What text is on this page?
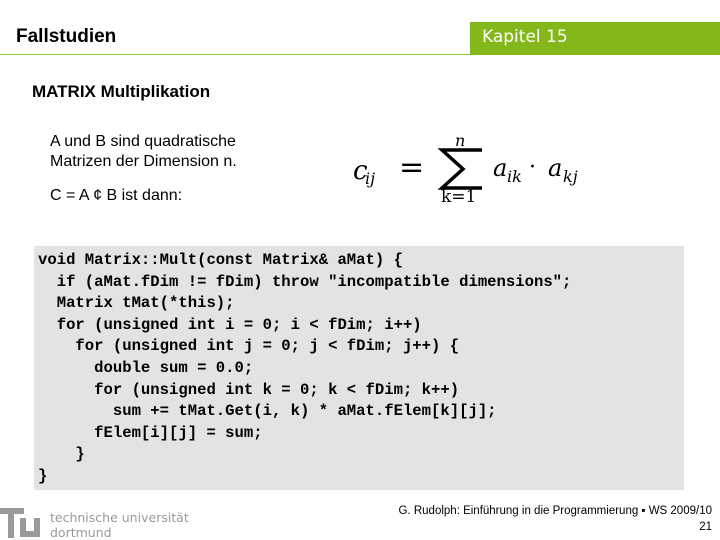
Fallstudien	Kapitel 15
MATRIX Multiplikation
A und B sind quadratische
Matrizen der Dimension n.
C = A ¢ B ist dann:
c
ij =
n
k=1
a ik · a kj
void Matrix::Mult(const Matrix& aMat) {
if (aMat.fDim != fDim) throw "incompatible dimensions";
Matrix tMat(*this);
for (unsigned int i = 0; i < fDim; i++)
for (unsigned int j = 0; j < fDim; j++) {
double sum = 0.0;
for (unsigned int k = 0; k < fDim; k++)
sum += tMat.Get(i, k) * aMat.fElem[k][j];
fElem[i][j] = sum;
}
}
technische universität
dortmund
G. Rudolph: Einführung in die Programmierung ▪ WS 2009/10
21
